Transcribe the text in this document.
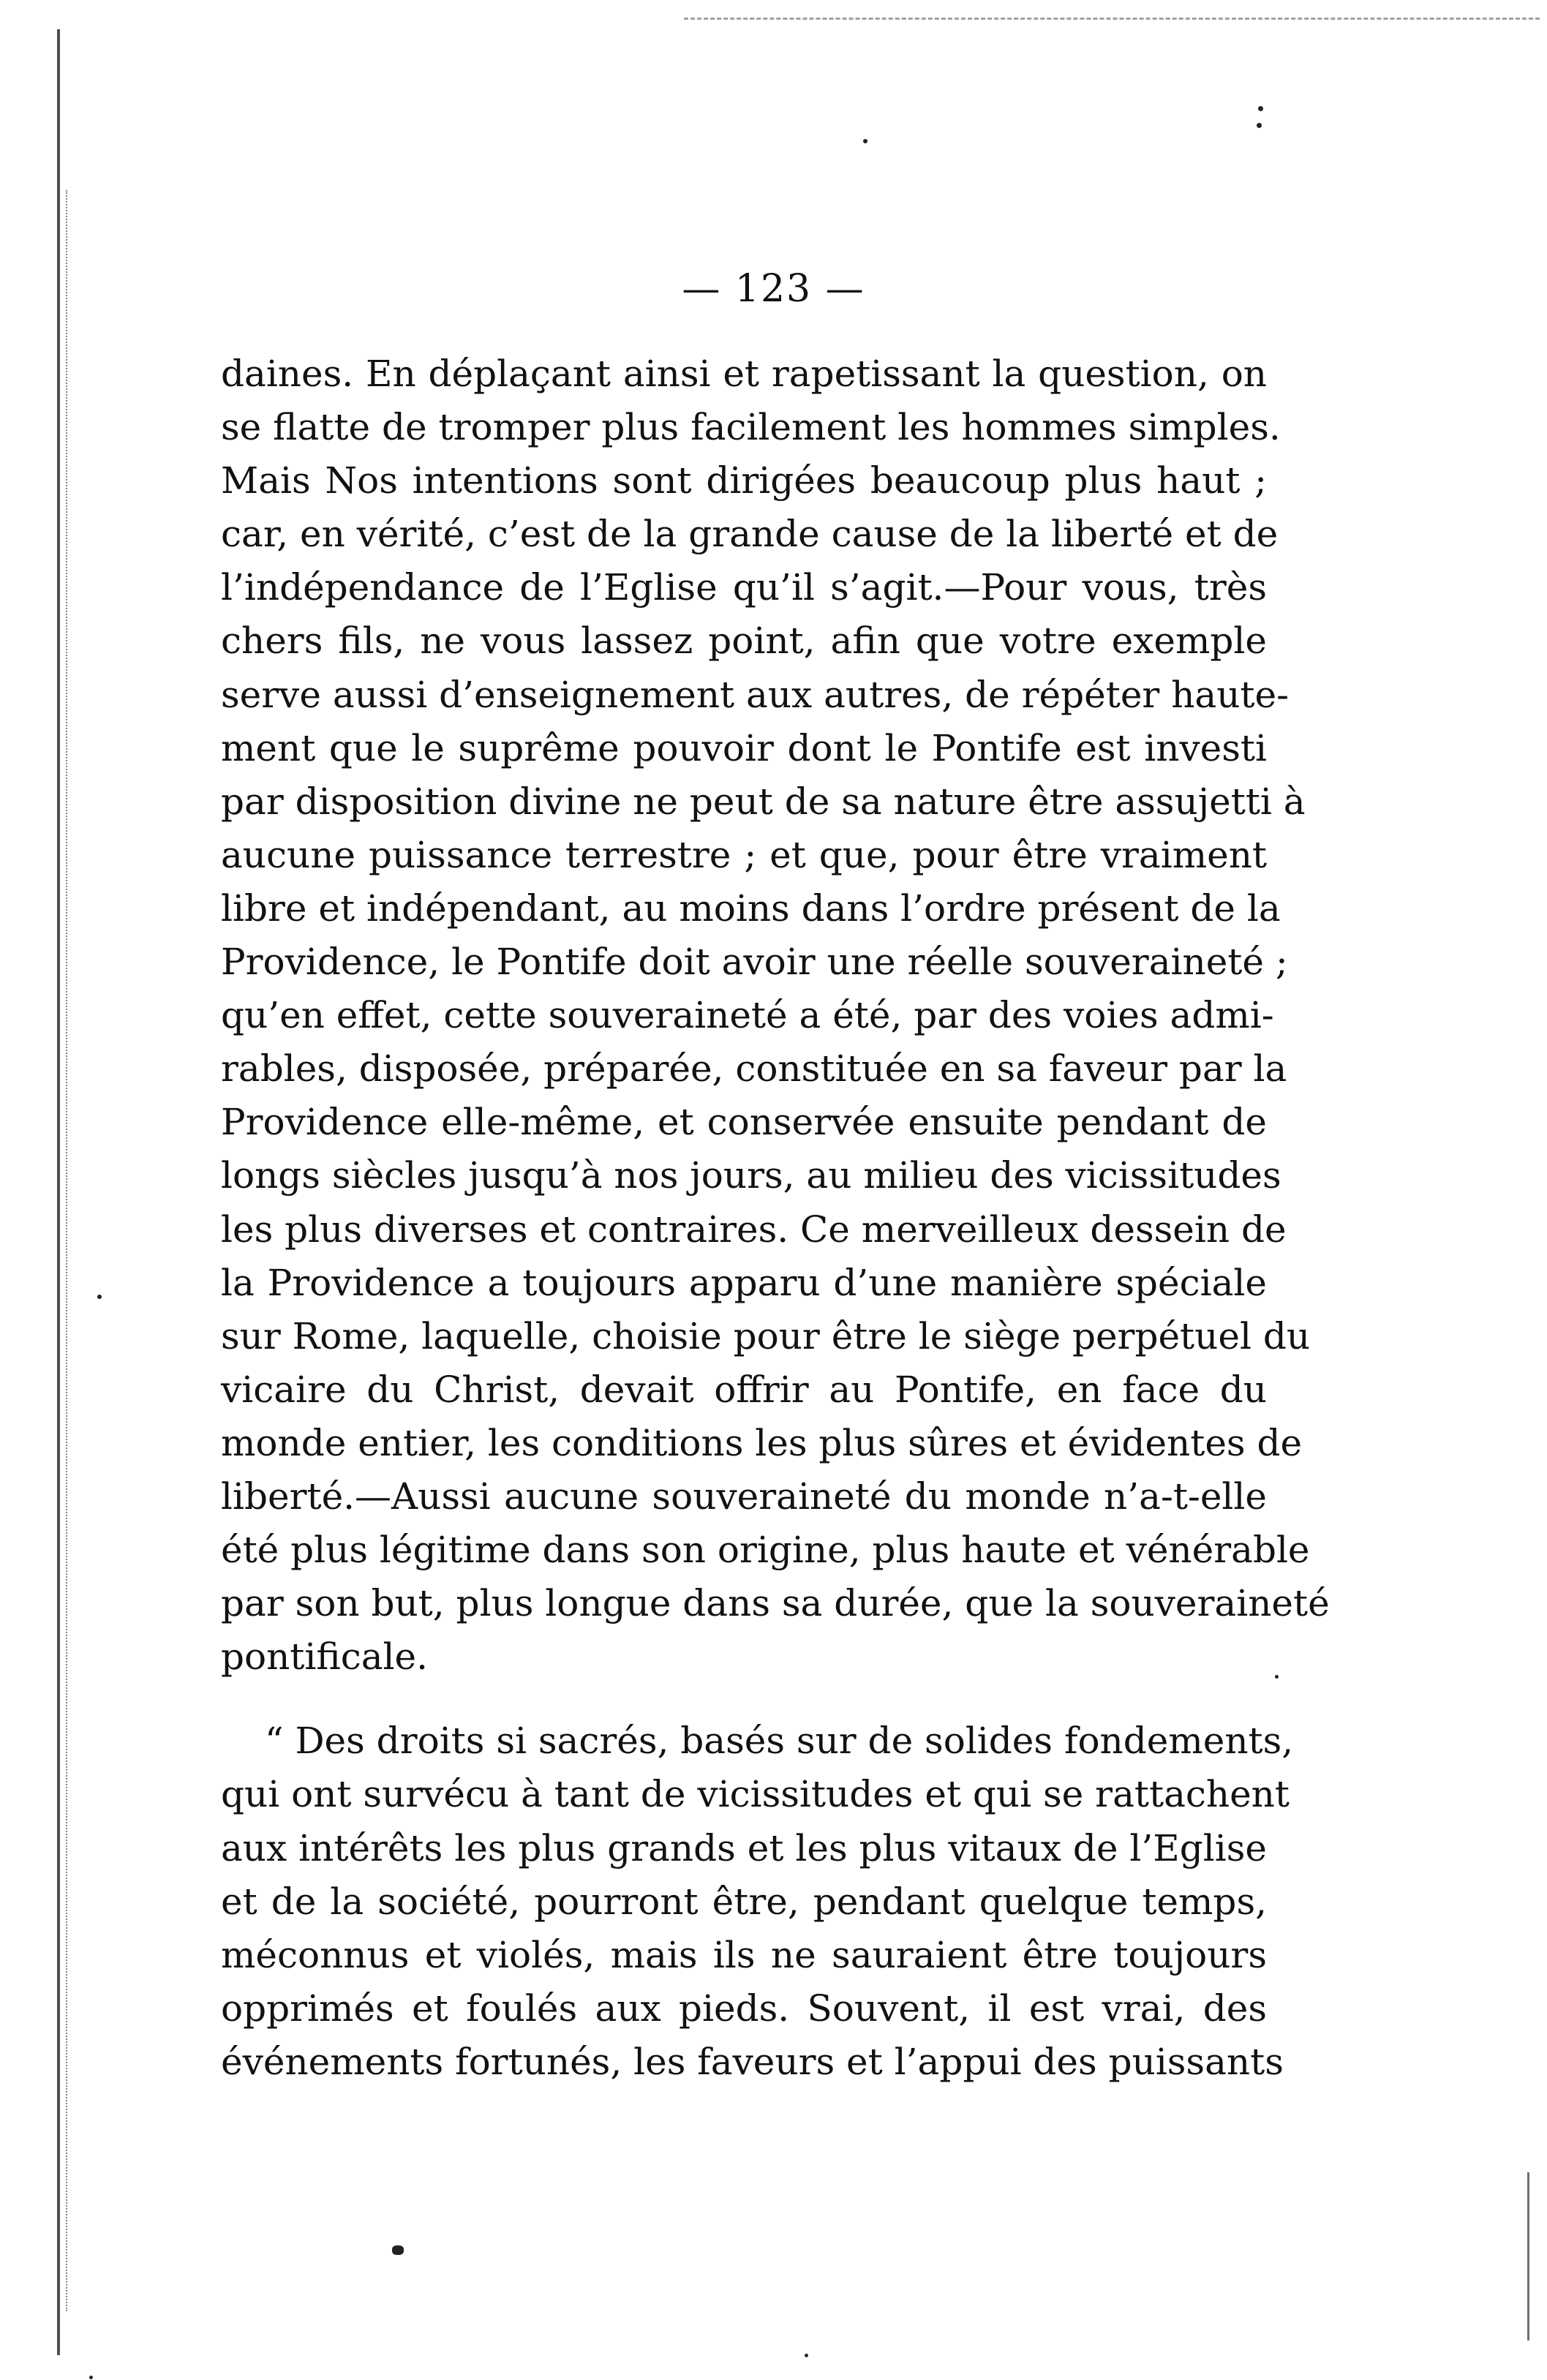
— 123 —
daines. En déplaçant ainsi et rapetissant la question, on
se flatte de tromper plus facilement les hommes simples.
Mais Nos intentions sont dirigées beaucoup plus haut ;
car, en vérité, c’est de la grande cause de la liberté et de
l’indépendance de l’Eglise qu’il s’agit.—Pour vous, très
chers fils, ne vous lassez point, afin que votre exemple
serve aussi d’enseignement aux autres, de répéter haute-
ment que le suprême pouvoir dont le Pontife est investi
par disposition divine ne peut de sa nature être assujetti à
aucune puissance terrestre ; et que, pour être vraiment
libre et indépendant, au moins dans l’ordre présent de la
Providence, le Pontife doit avoir une réelle souveraineté ;
qu’en effet, cette souveraineté a été, par des voies admi-
rables, disposée, préparée, constituée en sa faveur par la
Providence elle-même, et conservée ensuite pendant de
longs siècles jusqu’à nos jours, au milieu des vicissitudes
les plus diverses et contraires. Ce merveilleux dessein de
la Providence a toujours apparu d’une manière spéciale
sur Rome, laquelle, choisie pour être le siège perpétuel du
vicaire du Christ, devait offrir au Pontife, en face du
monde entier, les conditions les plus sûres et évidentes de
liberté.—Aussi aucune souveraineté du monde n’a-t-elle
été plus légitime dans son origine, plus haute et vénérable
par son but, plus longue dans sa durée, que la souveraineté
pontificale.
“ Des droits si sacrés, basés sur de solides fondements,
qui ont survécu à tant de vicissitudes et qui se rattachent
aux intérêts les plus grands et les plus vitaux de l’Eglise
et de la société, pourront être, pendant quelque temps,
méconnus et violés, mais ils ne sauraient être toujours
opprimés et foulés aux pieds. Souvent, il est vrai, des
événements fortunés, les faveurs et l’appui des puissants
